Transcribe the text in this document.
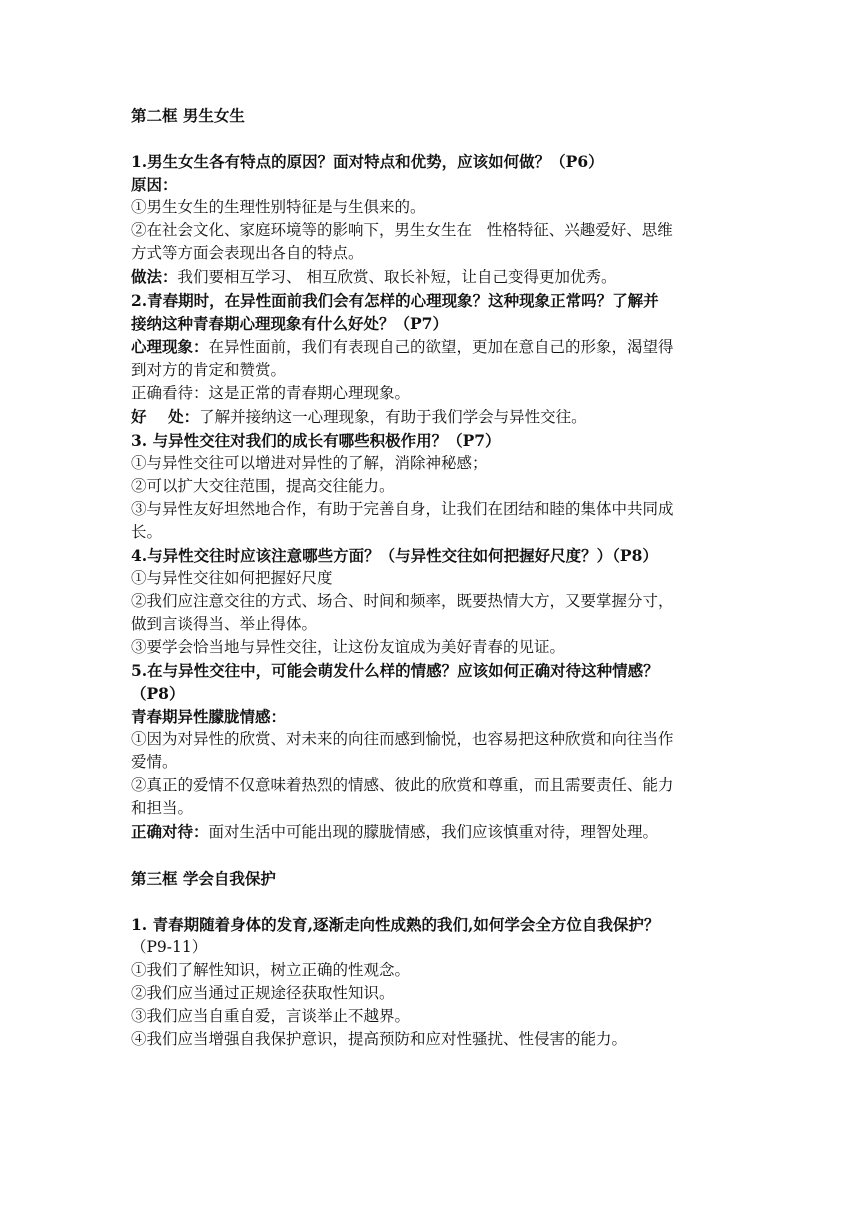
第二框 男生女生
1.男生女生各有特点的原因？面对特点和优势，应该如何做？（P6）
原因：
①男生女生的生理性别特征是与生俱来的。
②在社会文化、家庭环境等的影响下，男生女生在   性格特征、兴趣爱好、思维
方式等方面会表现出各自的特点。
做法：我们要相互学习、 相互欣赏、取长补短，让自己变得更加优秀。
2.青春期时，在异性面前我们会有怎样的心理现象？这种现象正常吗？了解并
接纳这种青春期心理现象有什么好处？（P7）
心理现象：在异性面前，我们有表现自己的欲望，更加在意自己的形象，渴望得
到对方的肯定和赞赏。
正确看待：这是正常的青春期心理现象。
好    处：了解并接纳这一心理现象，有助于我们学会与异性交往。
3. 与异性交往对我们的成长有哪些积极作用？（P7）
①与异性交往可以增进对异性的了解，消除神秘感；
②可以扩大交往范围，提高交往能力。
③与异性友好坦然地合作，有助于完善自身，让我们在团结和睦的集体中共同成
长。
4.与异性交往时应该注意哪些方面？（与异性交往如何把握好尺度？）（P8）
①与异性交往如何把握好尺度
②我们应注意交往的方式、场合、时间和频率，既要热情大方，又要掌握分寸，
做到言谈得当、举止得体。
③要学会恰当地与异性交往，让这份友谊成为美好青春的见证。
5.在与异性交往中，可能会萌发什么样的情感？应该如何正确对待这种情感？
（P8）
青春期异性朦胧情感：
①因为对异性的欣赏、对未来的向往而感到愉悦，也容易把这种欣赏和向往当作
爱情。
②真正的爱情不仅意味着热烈的情感、彼此的欣赏和尊重，而且需要责任、能力
和担当。
正确对待：面对生活中可能出现的朦胧情感，我们应该慎重对待，理智处理。
第三框 学会自我保护
1. 青春期随着身体的发育,逐渐走向性成熟的我们,如何学会全方位自我保护？
（P9-11）
①我们了解性知识，树立正确的性观念。
②我们应当通过正规途径获取性知识。
③我们应当自重自爱，言谈举止不越界。
④我们应当增强自我保护意识，提高预防和应对性骚扰、性侵害的能力。
